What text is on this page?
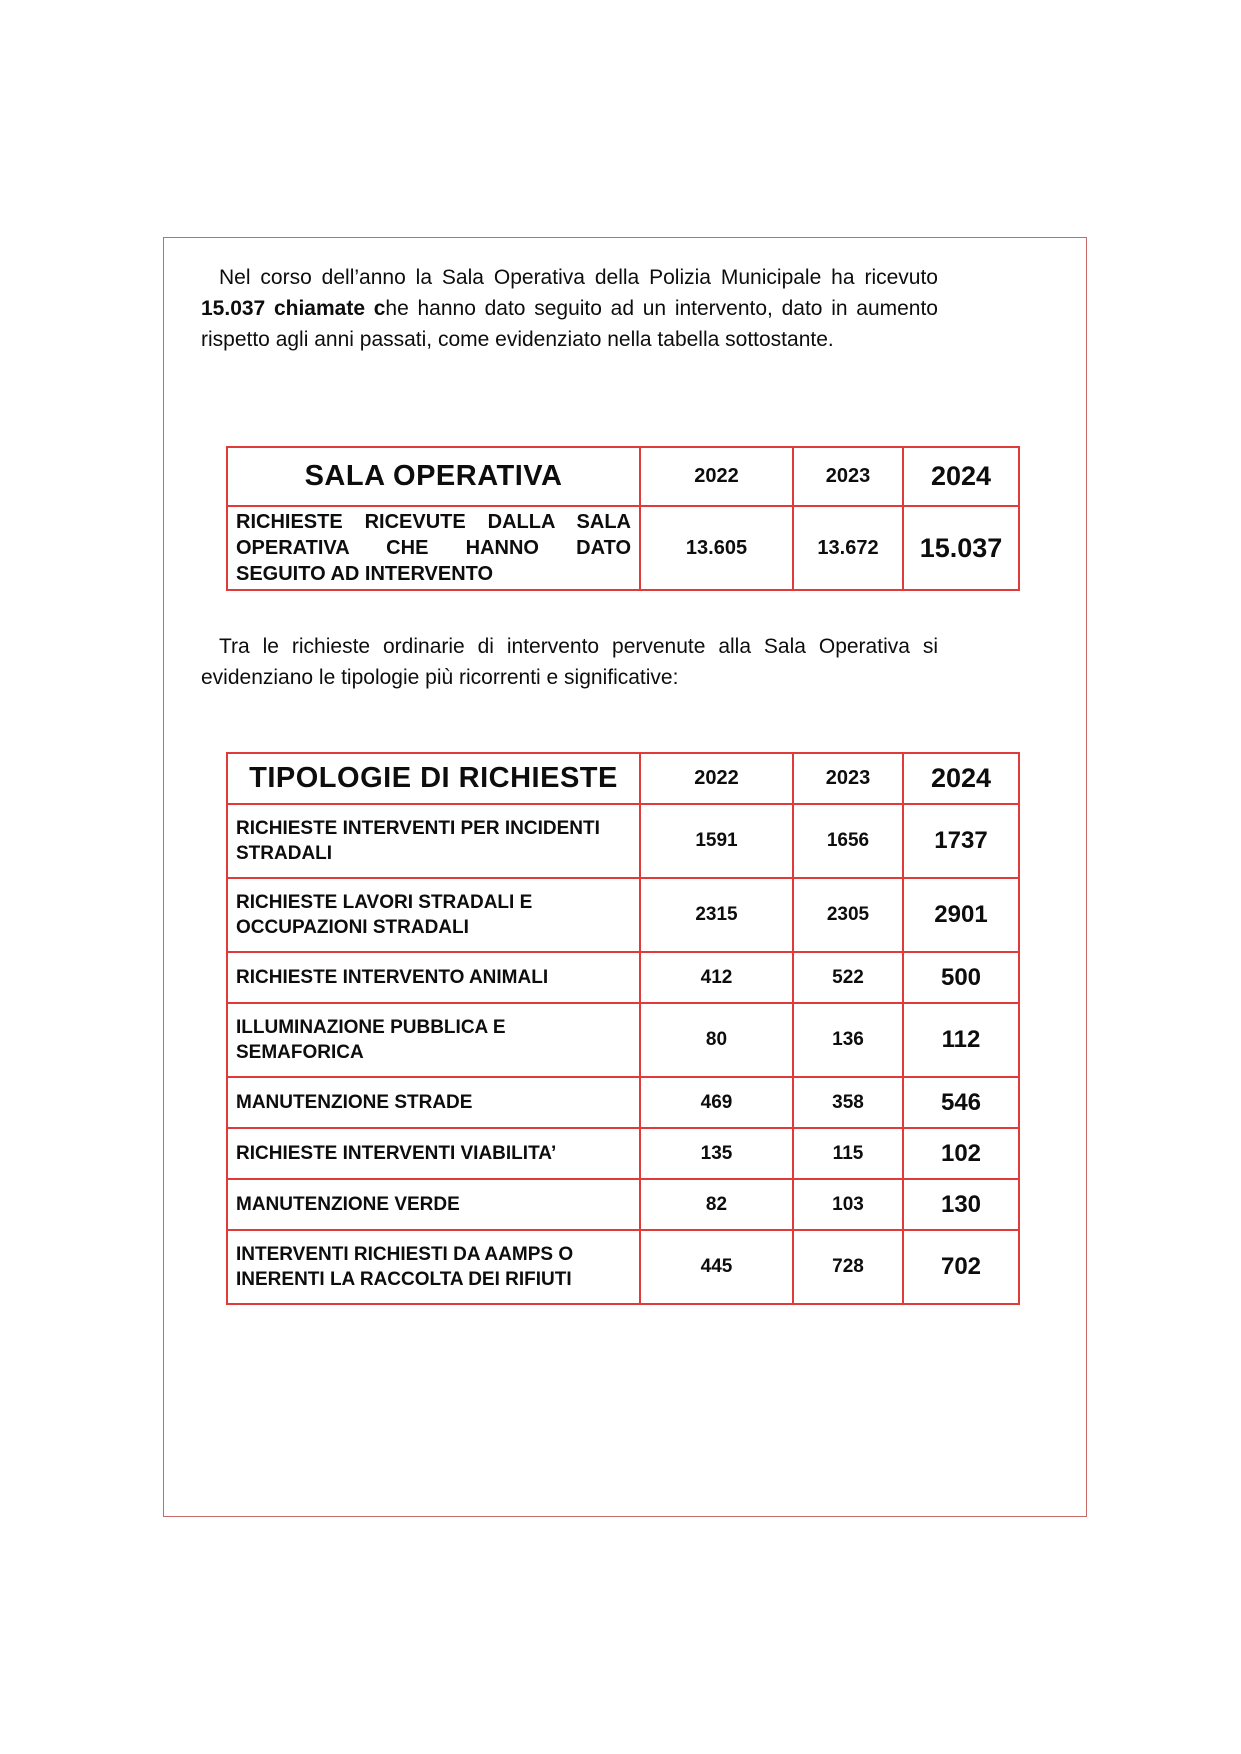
Nel corso dell’anno la Sala Operativa della Polizia Municipale ha ricevuto 15.037 chiamate che hanno dato seguito ad un intervento, dato in aumento rispetto agli anni passati, come evidenziato nella tabella sottostante.

SALA OPERATIVA	2022	2023	2024
RICHIESTE RICEVUTE DALLA SALA OPERATIVA CHE HANNO DATO SEGUITO AD INTERVENTO	13.605	13.672	15.037

Tra le richieste ordinarie di intervento pervenute alla Sala Operativa si evidenziano le tipologie più ricorrenti e significative:

TIPOLOGIE DI RICHIESTE	2022	2023	2024
RICHIESTE INTERVENTI PER INCIDENTI STRADALI	1591	1656	1737
RICHIESTE LAVORI STRADALI E OCCUPAZIONI STRADALI	2315	2305	2901
RICHIESTE INTERVENTO ANIMALI	412	522	500
ILLUMINAZIONE PUBBLICA E SEMAFORICA	80	136	112
MANUTENZIONE STRADE	469	358	546
RICHIESTE INTERVENTI VIABILITA’	135	115	102
MANUTENZIONE VERDE	82	103	130
INTERVENTI RICHIESTI DA AAMPS O INERENTI LA RACCOLTA DEI RIFIUTI	445	728	702
